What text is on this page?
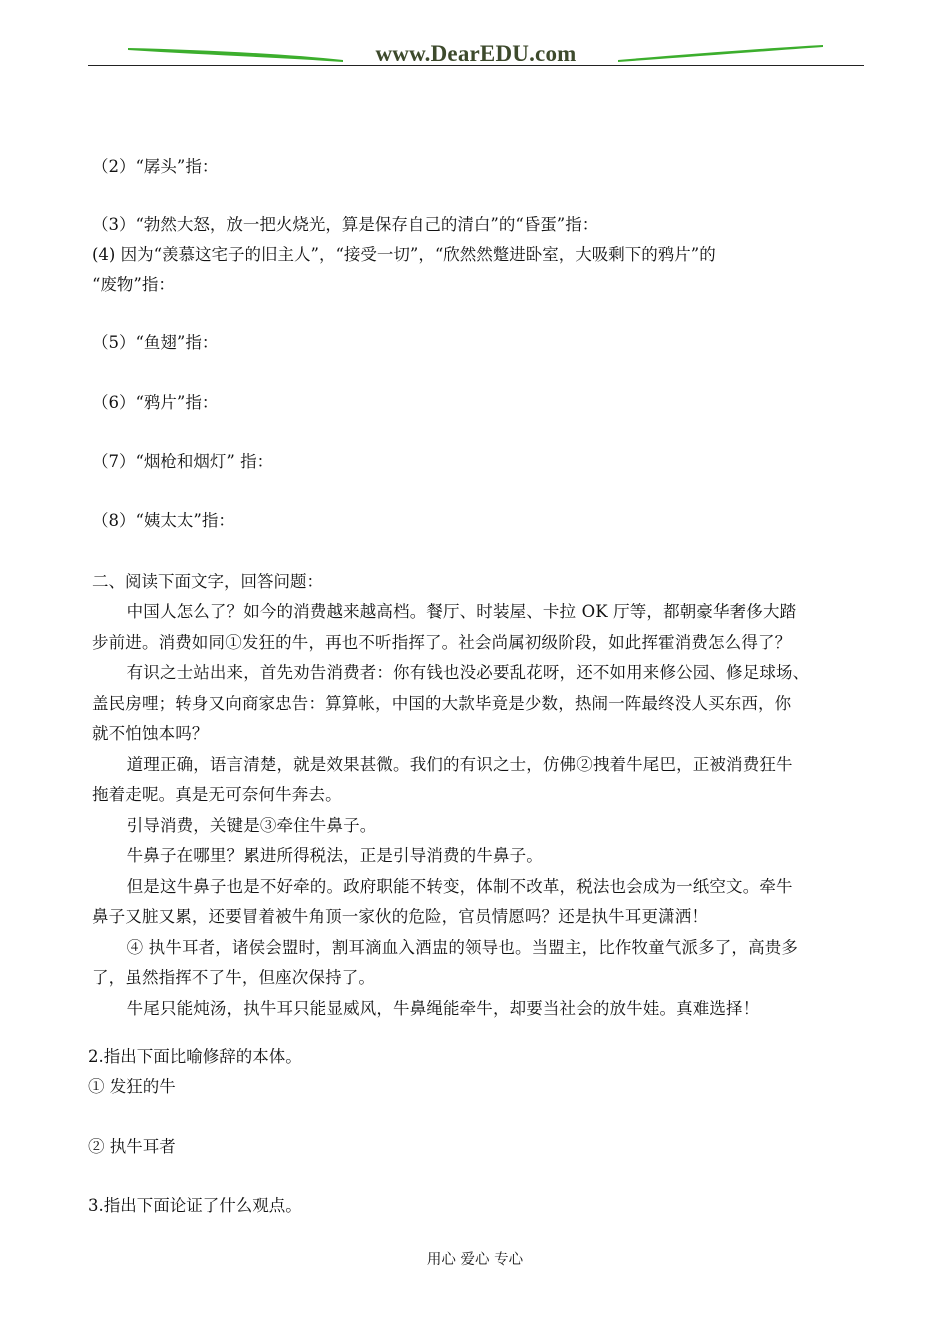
www.DearEDU.com
（2）“孱头”指：
（3）“勃然大怒，放一把火烧光，算是保存自己的清白”的“昏蛋”指：
(4) 因为“羡慕这宅子的旧主人”，“接受一切”，“欣然然蹩进卧室，大吸剩下的鸦片”的
“废物”指：
（5）“鱼翅”指：
（6）“鸦片”指：
（7）“烟枪和烟灯” 指：
（8）“姨太太”指：
二、阅读下面文字，回答问题：

中国人怎么了？如今的消费越来越高档。餐厅、时装屋、卡拉 OK 厅等，都朝豪华奢侈大踏

步前进。消费如同①发狂的牛，再也不听指挥了。社会尚属初级阶段，如此挥霍消费怎么得了？

有识之士站出来，首先劝告消费者：你有钱也没必要乱花呀，还不如用来修公园、修足球场、

盖民房哩；转身又向商家忠告：算算帐，中国的大款毕竟是少数，热闹一阵最终没人买东西，你
就不怕蚀本吗？

道理正确，语言清楚，就是效果甚微。我们的有识之士，仿佛②拽着牛尾巴，正被消费狂牛

拖着走呢。真是无可奈何牛奔去。

引导消费，关键是③牵住牛鼻子。

牛鼻子在哪里？累进所得税法，正是引导消费的牛鼻子。

但是这牛鼻子也是不好牵的。政府职能不转变，体制不改革，税法也会成为一纸空文。牵牛

鼻子又脏又累，还要冒着被牛角顶一家伙的危险，官员情愿吗？还是执牛耳更潇洒！

④ 执牛耳者，诸侯会盟时，割耳滴血入酒盅的领导也。当盟主，比作牧童气派多了，高贵多

了，虽然指挥不了牛，但座次保持了。

牛尾只能炖汤，执牛耳只能显威风，牛鼻绳能牵牛，却要当社会的放牛娃。真难选择！

2.指出下面比喻修辞的本体。
① 发狂的牛
② 执牛耳者
3.指出下面论证了什么观点。
用心 爱心 专心
